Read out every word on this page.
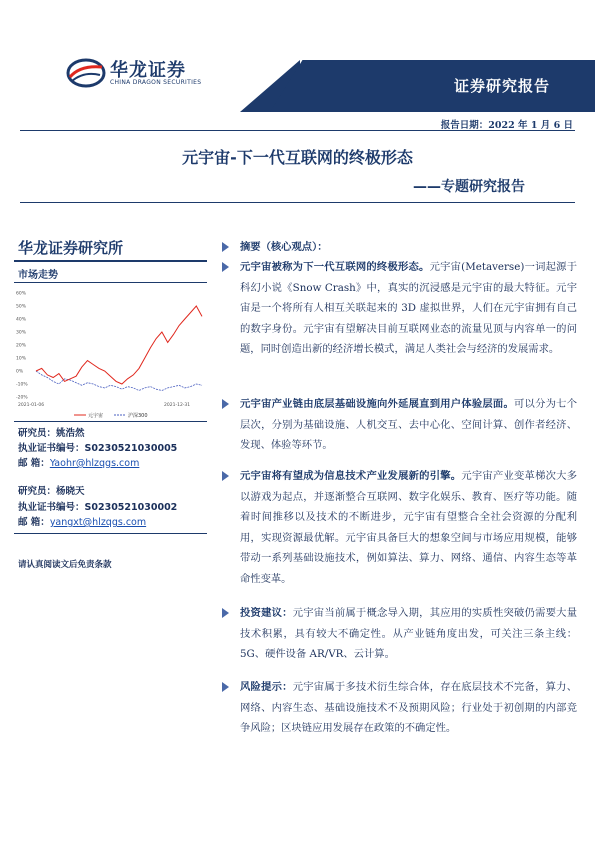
证券研究报告
华龙证券
CHINA DRAGON SECURITIES
报告日期：2022 年 1 月 6 日
元宇宙-下一代互联网的终极形态
——专题研究报告
华龙证券研究所
市场走势
-20%
-10%
0%
10%
20%
30%
40%
50%
60%
2021-01-06	2021-12-31
元宇宙	沪深300
研究员：姚浩然
执业证书编号：S0230521030005
邮 箱：Yaohr@hlzqgs.com
研究员：杨晓天
执业证书编号：S0230521030002
邮 箱：yangxt@hlzqgs.com
请认真阅读文后免责条款
摘要（核心观点）：
元宇宙被称为下一代互联网的终极形态。元宇宙(Metaverse)一词起源于科幻小说《Snow Crash》中，真实的沉浸感是元宇宙的最大特征。元宇宙是一个将所有人相互关联起来的 3D 虚拟世界，人们在元宇宙拥有自己的数字身份。元宇宙有望解决目前互联网业态的流量见顶与内容单一的问题，同时创造出新的经济增长模式，满足人类社会与经济的发展需求。
元宇宙产业链由底层基础设施向外延展直到用户体验层面。可以分为七个层次，分别为基础设施、人机交互、去中心化、空间计算、创作者经济、发现、体验等环节。
元宇宙将有望成为信息技术产业发展新的引擎。元宇宙产业变革梯次大多以游戏为起点，并逐渐整合互联网、数字化娱乐、教育、医疗等功能。随着时间推移以及技术的不断进步，元宇宙有望整合全社会资源的分配利用，实现资源最优解。元宇宙具备巨大的想象空间与市场应用规模，能够带动一系列基础设施技术，例如算法、算力、网络、通信、内容生态等革命性变革。
投资建议：元宇宙当前属于概念导入期，其应用的实质性突破仍需要大量技术积累，具有较大不确定性。从产业链角度出发，可关注三条主线：5G、硬件设备 AR/VR、云计算。
风险提示：元宇宙属于多技术衍生综合体，存在底层技术不完备，算力、网络、内容生态、基础设施技术不及预期风险；行业处于初创期的内部竞争风险；区块链应用发展存在政策的不确定性。
